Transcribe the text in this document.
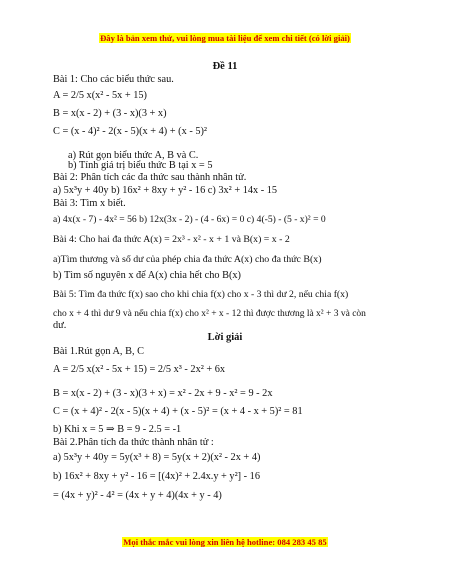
Đây là bản xem thử, vui lòng mua tài liệu để xem chi tiết (có lời giải)
Đề 11
Bài 1: Cho các biểu thức sau.
A = 2/5 x(x² - 5x + 15)
B = x(x - 2) + (3 - x)(3 + x)
C = (x - 4)² - 2(x - 5)(x + 4) + (x - 5)²
a) Rút gọn biểu thức A, B và C.
b) Tính giá trị biểu thức B tại x = 5
Bài 2: Phân tích các đa thức sau thành nhân tử.
a) 5x³y + 40y b) 16x² + 8xy + y² - 16 c) 3x² + 14x - 15
Bài 3: Tìm x biết.
a) 4x(x - 7) - 4x² = 56 b) 12x(3x - 2) - (4 - 6x) = 0 c) 4(-5) - (5 - x)² = 0
Bài 4: Cho hai đa thức A(x) = 2x³ - x² - x + 1 và B(x) = x - 2
a)Tìm thương và số dư của phép chia đa thức A(x) cho đa thức B(x)
b) Tìm số nguyên x để A(x) chia hết cho B(x)
Bài 5: Tìm đa thức f(x) sao cho khi chia f(x) cho x - 3 thì dư 2, nếu chia f(x)
cho x + 4 thì dư 9 và nếu chia f(x) cho x² + x - 12 thì được thương là x² + 3 và còn
dư.
Lời giải
Bài 1.Rút gọn A, B, C
A = 2/5 x(x² - 5x + 15) = 2/5 x³ - 2x² + 6x
B = x(x - 2) + (3 - x)(3 + x) = x² - 2x + 9 - x² = 9 - 2x
C = (x + 4)² - 2(x - 5)(x + 4) + (x - 5)² = (x + 4 - x + 5)² = 81
b) Khi x = 5 ⇒ B = 9 - 2.5 = -1
Bài 2.Phân tích đa thức thành nhân tử :
a) 5x³y + 40y = 5y(x³ + 8) = 5y(x + 2)(x² - 2x + 4)
b) 16x² + 8xy + y² - 16 = [(4x)² + 2.4x.y + y²] - 16
= (4x + y)² - 4² = (4x + y + 4)(4x + y - 4)
Mọi thắc mắc vui lòng xin liên hệ hotline: 084 283 45 85
